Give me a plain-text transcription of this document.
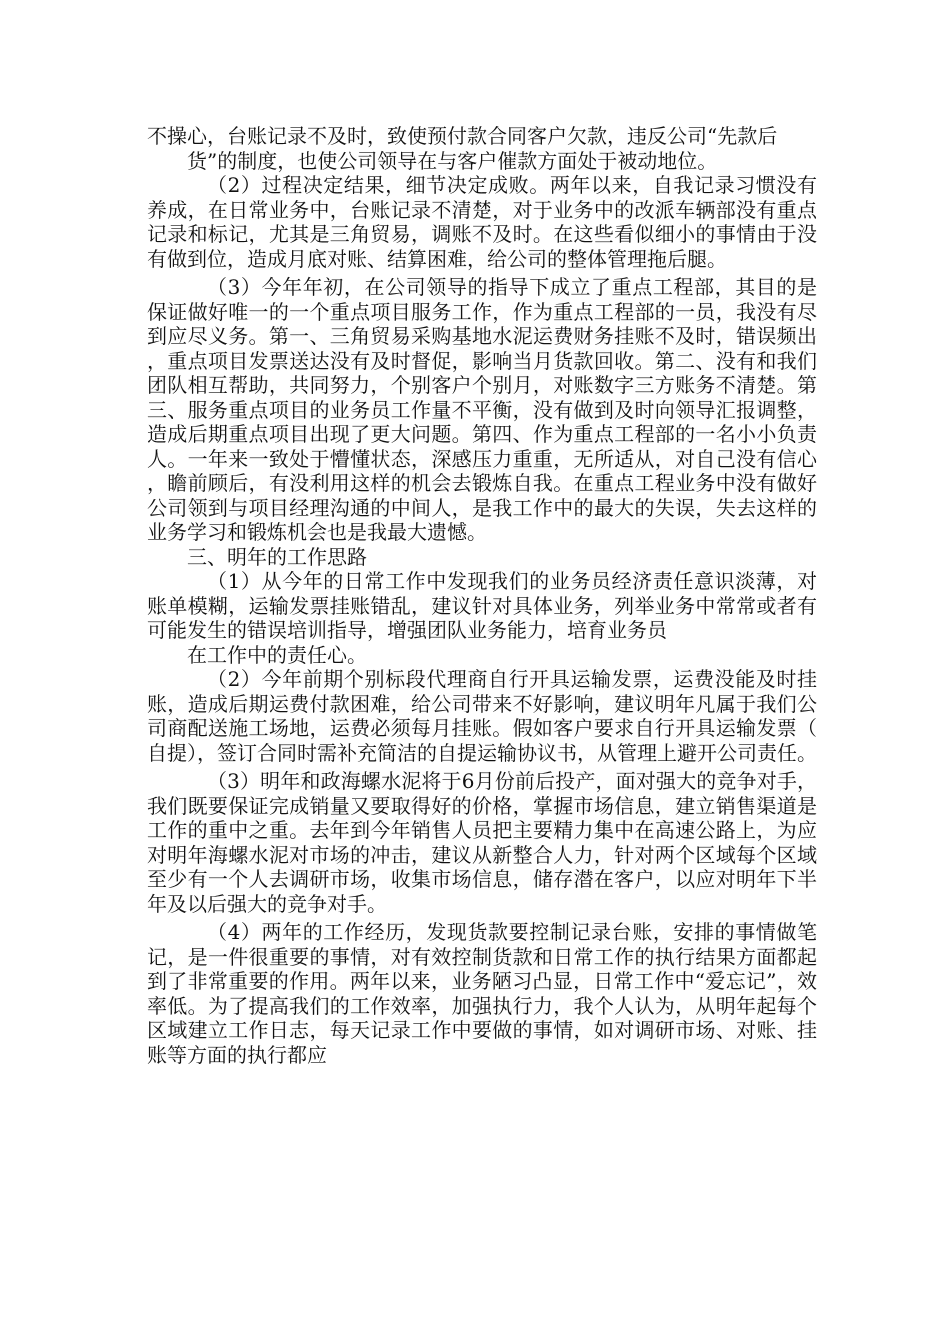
不操心，台账记录不及时，致使预付款合同客户欠款，违反公司“先款后

货”的制度，也使公司领导在与客户催款方面处于被动地位。

（2）过程决定结果，细节决定成败。两年以来，自我记录习惯没有养成，在日常业务中，台账记录不清楚，对于业务中的改派车辆部没有重点记录和标记，尤其是三角贸易，调账不及时。在这些看似细小的事情由于没有做到位，造成月底对账、结算困难，给公司的整体管理拖后腿。

（3）今年年初，在公司领导的指导下成立了重点工程部，其目的是保证做好唯一的一个重点项目服务工作，作为重点工程部的一员，我没有尽到应尽义务。第一、三角贸易采购基地水泥运费财务挂账不及时，错误频出，重点项目发票送达没有及时督促，影响当月货款回收。第二、没有和我们团队相互帮助，共同努力，个别客户个别月，对账数字三方账务不清楚。第三、服务重点项目的业务员工作量不平衡，没有做到及时向领导汇报调整，造成后期重点项目出现了更大问题。第四、作为重点工程部的一名小小负责人。一年来一致处于懵懂状态，深感压力重重，无所适从，对自己没有信心，瞻前顾后，有没利用这样的机会去锻炼自我。在重点工程业务中没有做好公司领到与项目经理沟通的中间人，是我工作中的最大的失误，失去这样的业务学习和锻炼机会也是我最大遗憾。

三、明年的工作思路

（1）从今年的日常工作中发现我们的业务员经济责任意识淡薄，对账单模糊，运输发票挂账错乱，建议针对具体业务，列举业务中常常或者有可能发生的错误培训指导，增强团队业务能力，培育业务员

在工作中的责任心。

（2）今年前期个别标段代理商自行开具运输发票，运费没能及时挂账，造成后期运费付款困难，给公司带来不好影响，建议明年凡属于我们公司商配送施工场地，运费必须每月挂账。假如客户要求自行开具运输发票（自提），签订合同时需补充简洁的自提运输协议书，从管理上避开公司责任。

（3）明年和政海螺水泥将于6月份前后投产，面对强大的竞争对手，我们既要保证完成销量又要取得好的价格，掌握市场信息，建立销售渠道是工作的重中之重。去年到今年销售人员把主要精力集中在高速公路上，为应对明年海螺水泥对市场的冲击，建议从新整合人力，针对两个区域每个区域至少有一个人去调研市场，收集市场信息，储存潜在客户，以应对明年下半年及以后强大的竞争对手。

（4）两年的工作经历，发现货款要控制记录台账，安排的事情做笔记，是一件很重要的事情，对有效控制货款和日常工作的执行结果方面都起到了非常重要的作用。两年以来，业务陋习凸显，日常工作中“爱忘记”，效率低。为了提高我们的工作效率，加强执行力，我个人认为，从明年起每个区域建立工作日志，每天记录工作中要做的事情，如对调研市场、对账、挂账等方面的执行都应
